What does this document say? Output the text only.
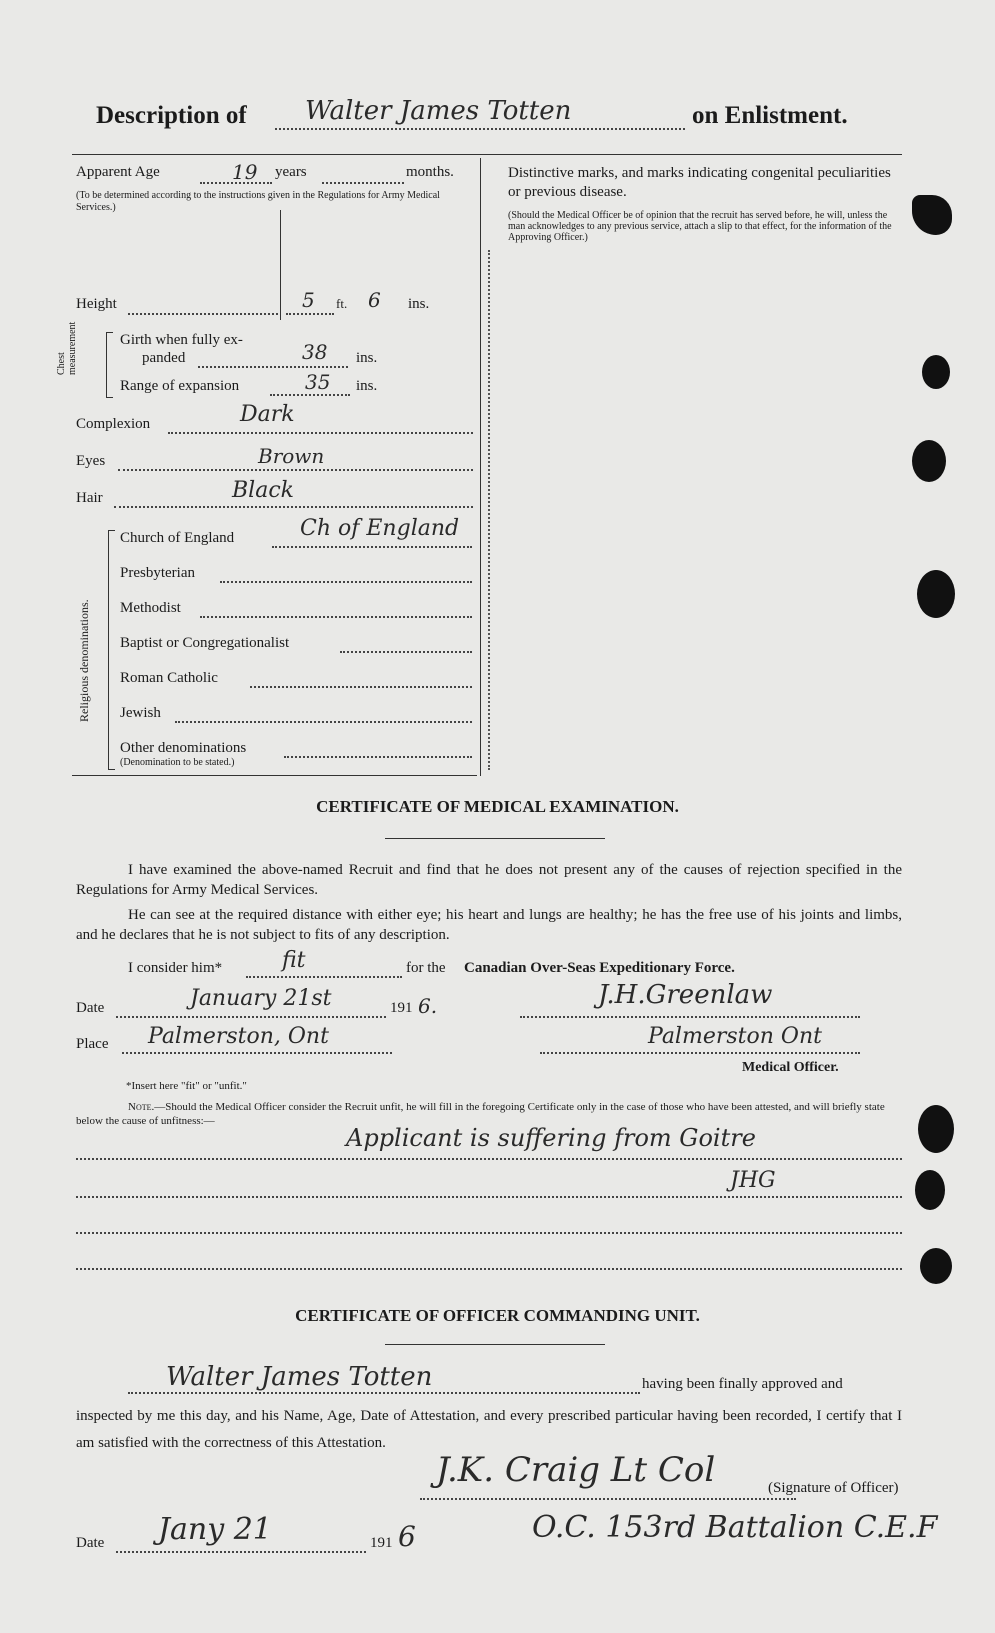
Description of Walter James Totten	on Enlistment.
Apparent Age	19 years	months.
(To be determined according to the instructions given in the Regulations for Army Medical Services.)
Distinctive marks, and marks indicating congenital peculiarities or previous disease.
(Should the Medical Officer be of opinion that the recruit has served before, he will, unless the man acknowledges to any previous service, attach a slip to that effect, for the information of the Approving Officer.)
Height	5 ft. 6 ins.
Chest measurement	Girth when fully ex-
panded	38 ins.
Range of expansion	35 ins.
Complexion	Dark
Eyes	Brown
Hair	Black
Religious denominations.
Church of England	Ch of England
Presbyterian
Methodist
Baptist or Congregationalist
Roman Catholic
Jewish
Other denominations
(Denomination to be stated.)
CERTIFICATE OF MEDICAL EXAMINATION.
I have examined the above-named Recruit and find that he does not present any of the causes of rejection specified in the Regulations for Army Medical Services.
He can see at the required distance with either eye; his heart and lungs are healthy; he has the free use of his joints and limbs, and he declares that he is not subject to fits of any description.
I consider him*	fit	for the Canadian Over-Seas Expeditionary Force.
Date	January 21st	191 6.	J.H.Greenlaw
Place Palmerston, Ont	Palmerston Ont
Medical Officer.
*Insert here "fit" or "unfit."
Note.—Should the Medical Officer consider the Recruit unfit, he will fill in the foregoing Certificate only in the case of those who have been attested, and will briefly state below the cause of unfitness:—
Applicant is suffering from Goitre
JHG
CERTIFICATE OF OFFICER COMMANDING UNIT.
Walter James Totten	having been finally approved and
inspected by me this day, and his Name, Age, Date of Attestation, and every prescribed particular having been recorded, I certify that I am satisfied with the correctness of this Attestation.
J.K. Craig Lt Col	(Signature of Officer)
Date Jany 21	191 6	O.C. 153rd Battalion C.E.F
